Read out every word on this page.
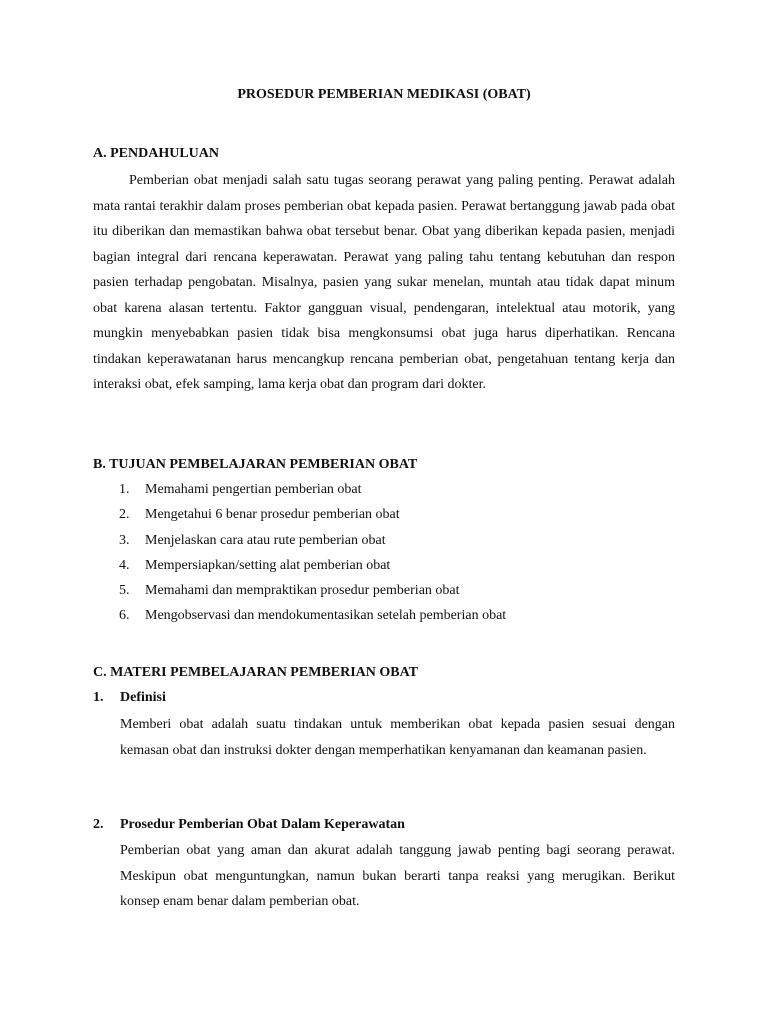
PROSEDUR PEMBERIAN MEDIKASI (OBAT)
A. PENDAHULUAN

Pemberian obat menjadi salah satu tugas seorang perawat yang paling penting. Perawat adalah mata rantai terakhir dalam proses pemberian obat kepada pasien. Perawat bertanggung jawab pada obat itu diberikan dan memastikan bahwa obat tersebut benar. Obat yang diberikan kepada pasien, menjadi bagian integral dari rencana keperawatan. Perawat yang paling tahu tentang kebutuhan dan respon pasien terhadap pengobatan. Misalnya, pasien yang sukar menelan, muntah atau tidak dapat minum obat karena alasan tertentu. Faktor gangguan visual, pendengaran, intelektual atau motorik, yang mungkin menyebabkan pasien tidak bisa mengkonsumsi obat juga harus diperhatikan. Rencana tindakan keperawatanan harus mencangkup rencana pemberian obat, pengetahuan tentang kerja dan interaksi obat, efek samping, lama kerja obat dan program dari dokter.

B. TUJUAN PEMBELAJARAN PEMBERIAN OBAT
1. Memahami pengertian pemberian obat
2. Mengetahui 6 benar prosedur pemberian obat
3. Menjelaskan cara atau rute pemberian obat
4. Mempersiapkan/setting alat pemberian obat
5. Memahami dan mempraktikan prosedur pemberian obat
6. Mengobservasi dan mendokumentasikan setelah pemberian obat
C. MATERI PEMBELAJARAN PEMBERIAN OBAT
1. Definisi

Memberi obat adalah suatu tindakan untuk memberikan obat kepada pasien sesuai dengan kemasan obat dan instruksi dokter dengan memperhatikan kenyamanan dan keamanan pasien.

2. Prosedur Pemberian Obat Dalam Keperawatan

Pemberian obat yang aman dan akurat adalah tanggung jawab penting bagi seorang perawat. Meskipun obat menguntungkan, namun bukan berarti tanpa reaksi yang merugikan. Berikut konsep enam benar dalam pemberian obat.
